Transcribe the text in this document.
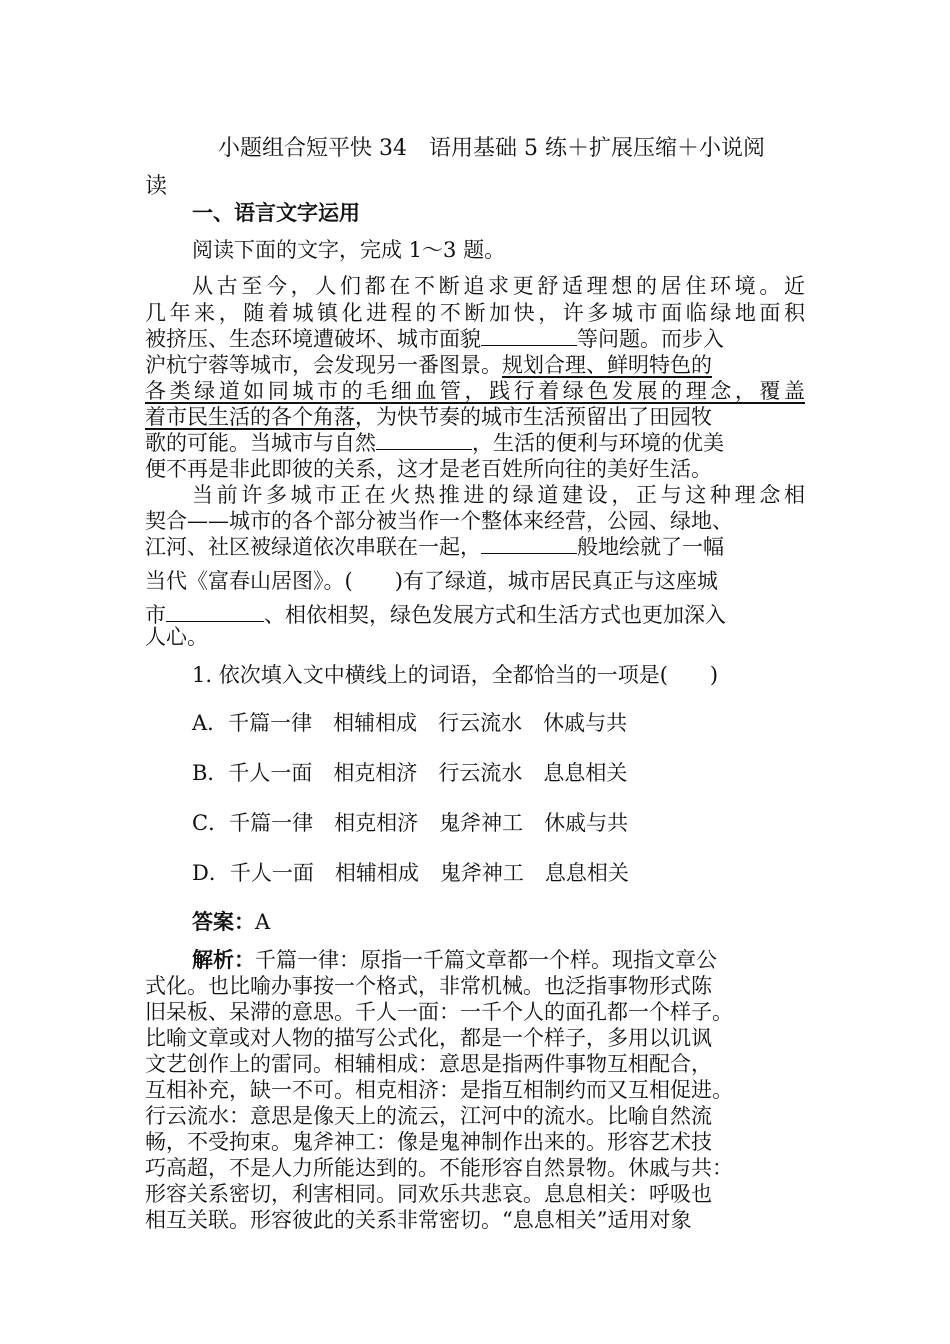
小题组合短平快 34　语用基础 5 练＋扩展压缩＋小说阅
读
一、语言文字运用
阅读下面的文字，完成 1～3 题。
从古至今，人们都在不断追求更舒适理想的居住环境。近
几年来，随着城镇化进程的不断加快，许多城市面临绿地面积
被挤压、生态环境遭破坏、城市面貌	等问题。而步入
沪杭宁蓉等城市，会发现另一番图景。规划合理、鲜明特色的
各类绿道如同城市的毛细血管，践行着绿色发展的理念，覆盖
着市民生活的各个角落，为快节奏的城市生活预留出了田园牧
歌的可能。当城市与自然	，生活的便利与环境的优美
便不再是非此即彼的关系，这才是老百姓所向往的美好生活。
当前许多城市正在火热推进的绿道建设，正与这种理念相
契合——城市的各个部分被当作一个整体来经营，公园、绿地、
江河、社区被绿道依次串联在一起，	般地绘就了一幅
当代《富春山居图》。(　　)有了绿道，城市居民真正与这座城
市	、相依相契，绿色发展方式和生活方式也更加深入
人心。
1. 依次填入文中横线上的词语，全都恰当的一项是(　　)
A．千篇一律　相辅相成　行云流水　休戚与共
B．千人一面　相克相济　行云流水　息息相关
C．千篇一律　相克相济　鬼斧神工　休戚与共
D．千人一面　相辅相成　鬼斧神工　息息相关
答案：A
解析：千篇一律：原指一千篇文章都一个样。现指文章公
式化。也比喻办事按一个格式，非常机械。也泛指事物形式陈
旧呆板、呆滞的意思。千人一面：一千个人的面孔都一个样子。
比喻文章或对人物的描写公式化，都是一个样子，多用以讥讽
文艺创作上的雷同。相辅相成：意思是指两件事物互相配合，
互相补充，缺一不可。相克相济：是指互相制约而又互相促进。
行云流水：意思是像天上的流云，江河中的流水。比喻自然流
畅，不受拘束。鬼斧神工：像是鬼神制作出来的。形容艺术技
巧高超，不是人力所能达到的。不能形容自然景物。休戚与共：
形容关系密切，利害相同。同欢乐共悲哀。息息相关：呼吸也
相互关联。形容彼此的关系非常密切。“息息相关”适用对象
